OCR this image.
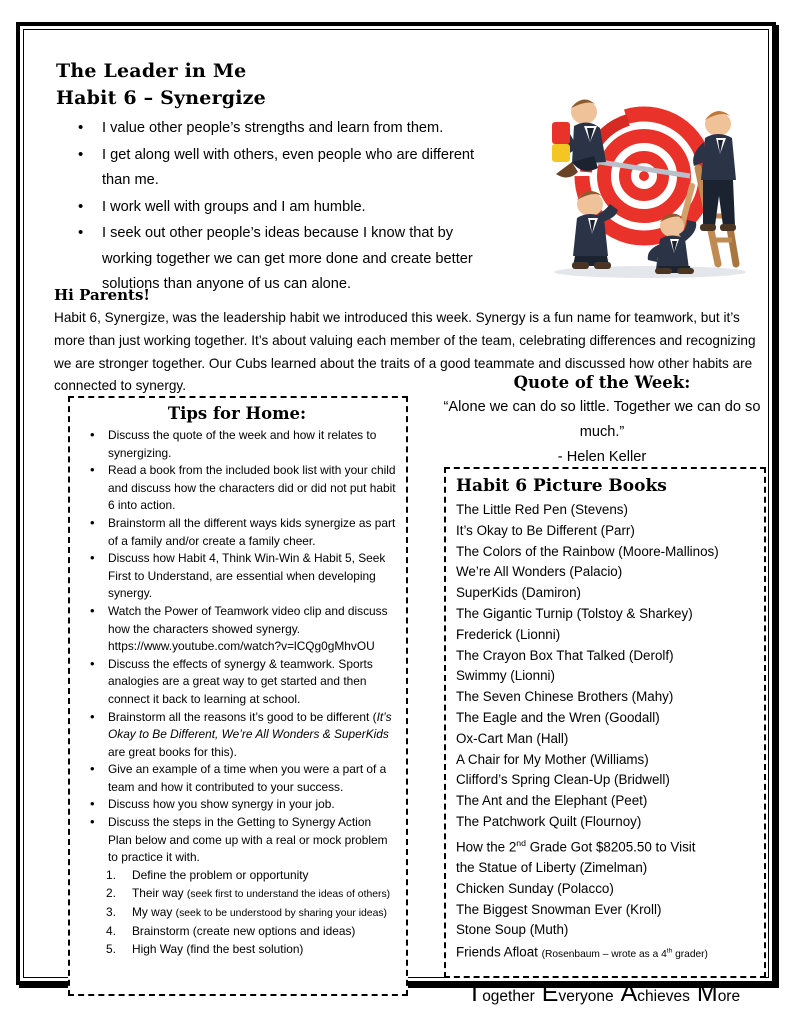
The Leader in Me
Habit 6 – Synergize
• I value other people’s strengths and learn from them.
• I get along well with others, even people who are different than me.
• I work well with groups and I am humble.
• I seek out other people’s ideas because I know that by working together we can get more done and create better solutions than anyone of us can alone.
Hi Parents!
Habit 6, Synergize, was the leadership habit we introduced this week. Synergy is a fun name for teamwork, but it’s more than just working together. It’s about valuing each member of the team, celebrating differences and recognizing we are stronger together. Our Cubs learned about the traits of a good teammate and discussed how other habits are connected to synergy.
Tips for Home:
• Discuss the quote of the week and how it relates to synergizing.
• Read a book from the included book list with your child and discuss how the characters did or did not put habit 6 into action.
• Brainstorm all the different ways kids synergize as part of a family and/or create a family cheer.
• Discuss how Habit 4, Think Win-Win & Habit 5, Seek First to Understand, are essential when developing synergy.
• Watch the Power of Teamwork video clip and discuss how the characters showed synergy. https://www.youtube.com/watch?v=lCQg0gMhvOU
• Discuss the effects of synergy & teamwork. Sports analogies are a great way to get started and then connect it back to learning at school.
• Brainstorm all the reasons it’s good to be different (It’s Okay to Be Different, We’re All Wonders & SuperKids are great books for this).
• Give an example of a time when you were a part of a team and how it contributed to your success.
• Discuss how you show synergy in your job.
• Discuss the steps in the Getting to Synergy Action Plan below and come up with a real or mock problem to practice it with.
1. Define the problem or opportunity
2. Their way (seek first to understand the ideas of others)
3. My way (seek to be understood by sharing your ideas)
4. Brainstorm (create new options and ideas)
5. High Way (find the best solution)
Quote of the Week:
“Alone we can do so little. Together we can do so much.”
- Helen Keller
Habit 6 Picture Books
The Little Red Pen (Stevens)
It’s Okay to Be Different (Parr)
The Colors of the Rainbow (Moore-Mallinos)
We’re All Wonders (Palacio)
SuperKids (Damiron)
The Gigantic Turnip (Tolstoy & Sharkey)
Frederick (Lionni)
The Crayon Box That Talked (Derolf)
Swimmy (Lionni)
The Seven Chinese Brothers (Mahy)
The Eagle and the Wren (Goodall)
Ox-Cart Man (Hall)
A Chair for My Mother (Williams)
Clifford’s Spring Clean-Up (Bridwell)
The Ant and the Elephant (Peet)
The Patchwork Quilt (Flournoy)
How the 2nd Grade Got $8205.50 to Visit
the Statue of Liberty (Zimelman)
Chicken Sunday (Polacco)
The Biggest Snowman Ever (Kroll)
Stone Soup (Muth)
Friends Afloat (Rosenbaum – wrote as a 4th grader)
Together Everyone Achieves More
